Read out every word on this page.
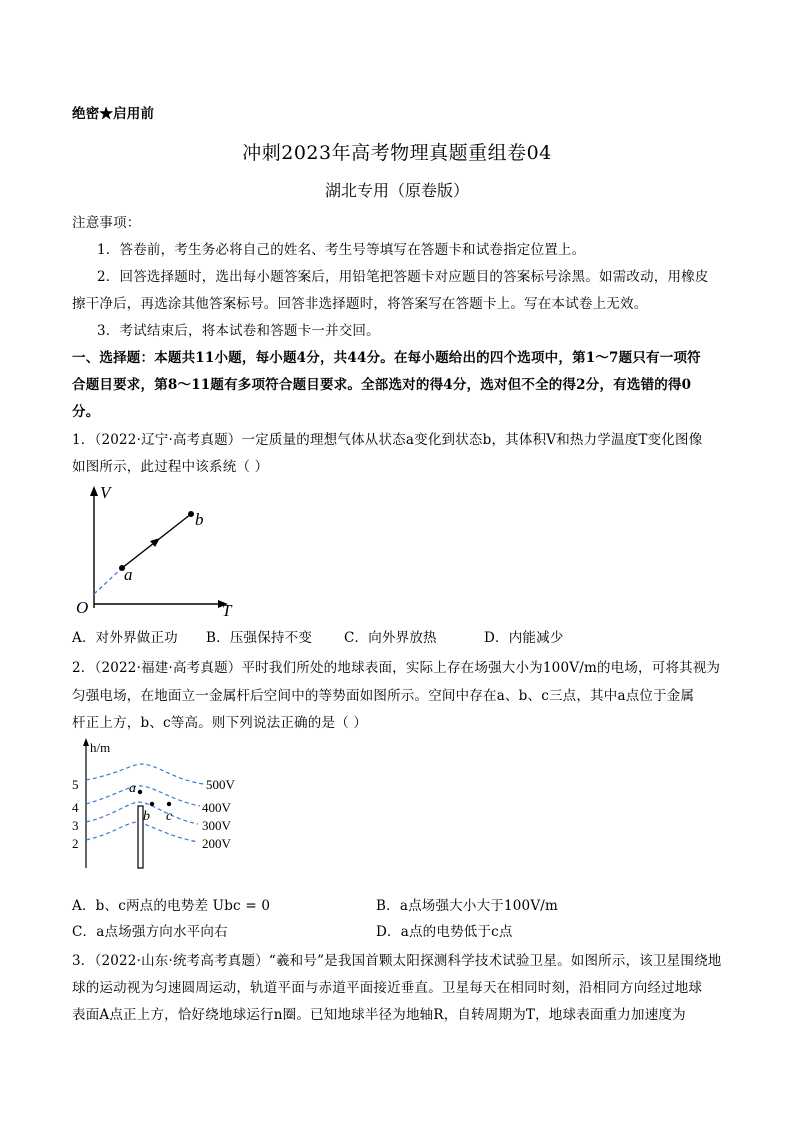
绝密★启用前
冲刺2023年高考物理真题重组卷04
湖北专用（原卷版）
注意事项：
1．答卷前，考生务必将自己的姓名、考生号等填写在答题卡和试卷指定位置上。
2．回答选择题时，选出每小题答案后，用铅笔把答题卡对应题目的答案标号涂黑。如需改动，用橡皮
擦干净后，再选涂其他答案标号。回答非选择题时，将答案写在答题卡上。写在本试卷上无效。
3．考试结束后，将本试卷和答题卡一并交回。
一、选择题：本题共11小题，每小题4分，共44分。在每小题给出的四个选项中，第1～7题只有一项符
合题目要求，第8～11题有多项符合题目要求。全部选对的得4分，选对但不全的得2分，有选错的得0
分。
1．（2022·辽宁·高考真题）一定质量的理想气体从状态a变化到状态b，其体积V和热力学温度T变化图像
如图所示，此过程中该系统（ ）
V
T
O
a
b
A．对外界做正功 B．压强保持不变 C．向外界放热	D．内能减少
2．（2022·福建·高考真题）平时我们所处的地球表面，实际上存在场强大小为100V/m的电场，可将其视为
匀强电场，在地面立一金属杆后空间中的等势面如图所示。空间中存在a、b、c三点，其中a点位于金属
杆正上方，b、c等高。则下列说法正确的是（ ）
h/m
5
4
3
2
500V
400V
300V
200V
a
b c
A．b、c两点的电势差 Ubc = 0	B．a点场强大小大于100V/m
C．a点场强方向水平向右	D．a点的电势低于c点
3．（2022·山东·统考高考真题）“羲和号”是我国首颗太阳探测科学技术试验卫星。如图所示，该卫星围绕地
球的运动视为匀速圆周运动，轨道平面与赤道平面接近垂直。卫星每天在相同时刻，沿相同方向经过地球
表面A点正上方，恰好绕地球运行n圈。已知地球半径为地轴R，自转周期为T，地球表面重力加速度为
